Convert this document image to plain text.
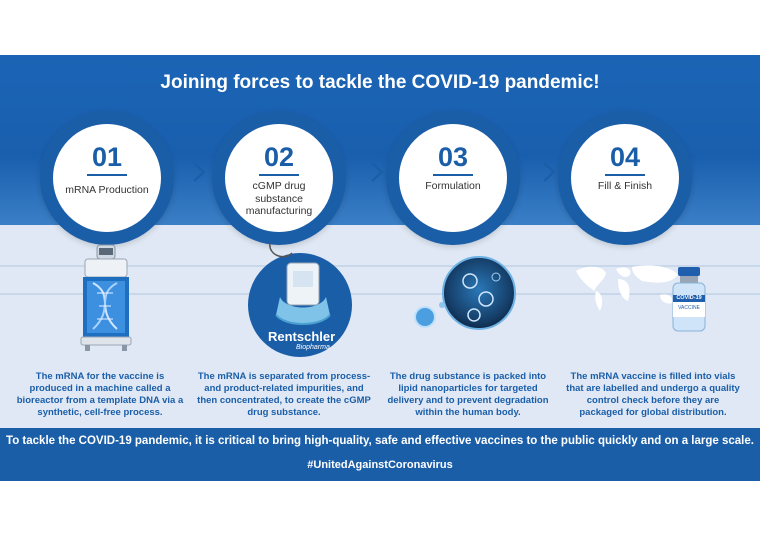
Joining forces to tackle the COVID-19 pandemic!
01
mRNA Production
02
cGMP drug substance manufacturing
03
Formulation
04
Fill & Finish
Rentschler
Biopharma
COVID-19
VACCINE
The mRNA for the vaccine is produced in a machine called a bioreactor from a template DNA via a synthetic, cell-free process.
The mRNA is separated from process- and product-related impurities, and then concentrated, to create the cGMP drug substance.
The drug substance is packed into lipid nanoparticles for targeted delivery and to prevent degradation within the human body.
The mRNA vaccine is filled into vials that are labelled and undergo a quality control check before they are packaged for global distribution.
To tackle the COVID-19 pandemic, it is critical to bring high-quality, safe and effective vaccines to the public quickly and on a large scale.
#UnitedAgainstCoronavirus
